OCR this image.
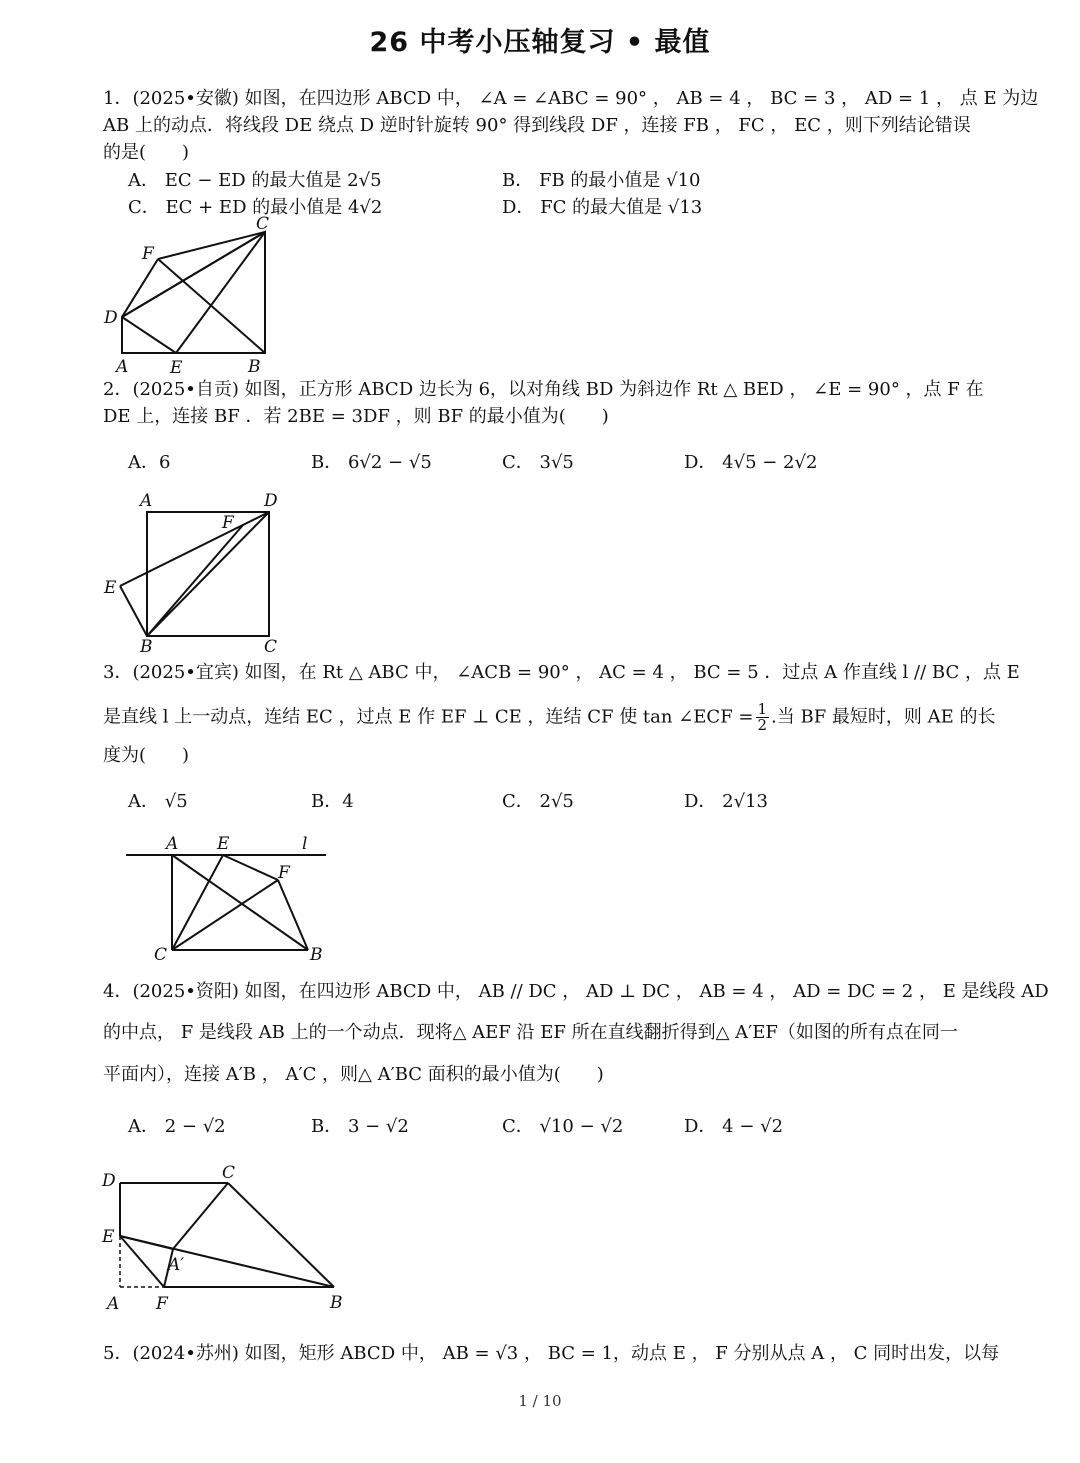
26 中考小压轴复习 • 最值
1．(2025•安徽) 如图，在四边形 ABCD 中， ∠A = ∠ABC = 90° ， AB = 4 ， BC = 3 ， AD = 1 ， 点 E 为边
AB 上的动点．将线段 DE 绕点 D 逆时针旋转 90° 得到线段 DF ，连接 FB ， FC ， EC ，则下列结论错误
的是(　　)
A． EC − ED 的最大值是 2√5	B． FB 的最小值是 √10
C． EC + ED 的最小值是 4√2	D． FC 的最大值是 √13
C
F
D
A E	B
2．(2025•自贡) 如图，正方形 ABCD 边长为 6，以对角线 BD 为斜边作 Rt △ BED ， ∠E = 90° ，点 F 在
DE 上，连接 BF ．若 2BE = 3DF ，则 BF 的最小值为(　　)
A．6	B． 6√2 − √5	C． 3√5	D． 4√5 − 2√2
A	D
F
E
B	C
3．(2025•宜宾) 如图，在 Rt △ ABC 中， ∠ACB = 90° ， AC = 4 ， BC = 5 ．过点 A 作直线 l // BC ，点 E
是直线 l 上一动点，连结 EC ，过点 E 作 EF ⊥ CE ，连结 CF 使 tan ∠ECF = $\frac{1}{2}$ .当 BF 最短时，则 AE 的长
度为(　　)
A． √5	B．4	C． 2√5	D． 2√13
A E	l
F
C	B
4．(2025•资阳) 如图，在四边形 ABCD 中， AB // DC ， AD ⊥ DC ， AB = 4 ， AD = DC = 2 ， E 是线段 AD
的中点， F 是线段 AB 上的一个动点．现将△ AEF 沿 EF 所在直线翻折得到△ A′EF（如图的所有点在同一
平面内），连接 A′B ， A′C ，则△ A′BC 面积的最小值为(　　)
A． 2 − √2	B． 3 − √2	C． √10 − √2	D． 4 − √2
D	C
E
A′
A F	B
5．(2024•苏州) 如图，矩形 ABCD 中， AB = √3 ， BC = 1，动点 E ， F 分别从点 A ， C 同时出发，以每
1 / 10
